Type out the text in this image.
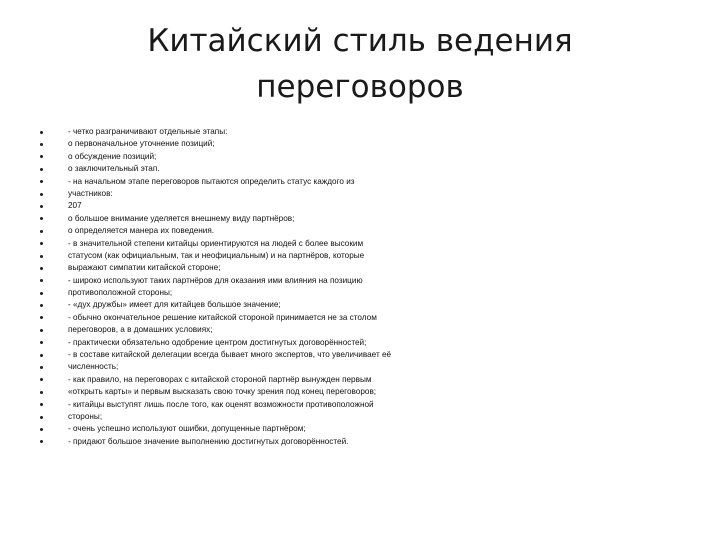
Китайский стиль ведения
переговоров
- четко разграничивают отдельные этапы:
о первоначальное уточнение позиций;
о обсуждение позиций;
о заключительный этап.
- на начальном этапе переговоров пытаются определить статус каждого из
участников:
207
о большое внимание уделяется внешнему виду партнёров;
о определяется манера их поведения.
- в значительной степени китайцы ориентируются на людей с более высоким
статусом (как официальным, так и неофициальным) и на партнёров, которые
выражают симпатии китайской стороне;
- широко используют таких партнёров для оказания ими влияния на позицию
противоположной стороны;
- «дух дружбы» имеет для китайцев большое значение;
- обычно окончательное решение китайской стороной принимается не за столом
переговоров, а в домашних условиях;
- практически обязательно одобрение центром достигнутых договорённостей;
- в составе китайской делегации всегда бывает много экспертов, что увеличивает её
численность;
- как правило, на переговорах с китайской стороной партнёр вынужден первым
«открыть карты» и первым высказать свою точку зрения под конец переговоров;
- китайцы выступят лишь после того, как оценят возможности противоположной
стороны;
- очень успешно используют ошибки, допущенные партнёром;
- придают большое значение выполнению достигнутых договорённостей.
